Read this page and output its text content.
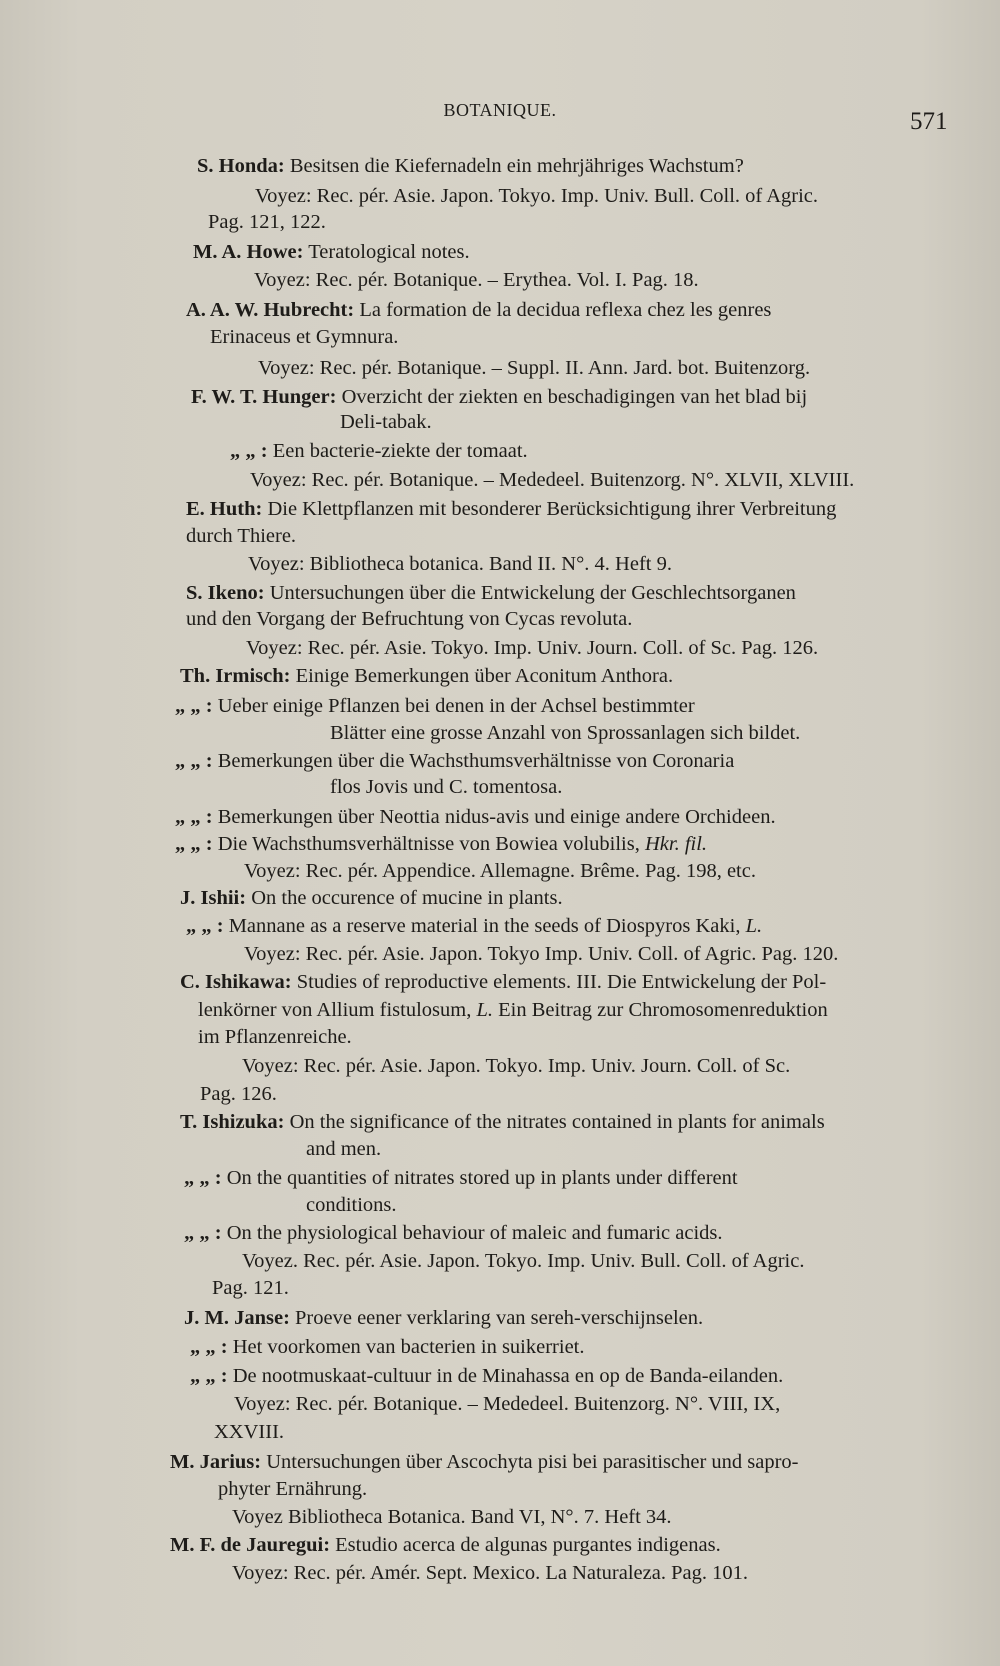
BOTANIQUE.	571
S. Honda: Besitsen die Kiefernadeln ein mehrjähriges Wachstum?
Voyez: Rec. pér. Asie. Japon. Tokyo. Imp. Univ. Bull. Coll. of Agric.
Pag. 121, 122.
M. A. Howe: Teratological notes.
Voyez: Rec. pér. Botanique. – Erythea. Vol. I. Pag. 18.
A. A. W. Hubrecht: La formation de la decidua reflexa chez les genres
Erinaceus et Gymnura.
Voyez: Rec. pér. Botanique. – Suppl. II. Ann. Jard. bot. Buitenzorg.
F. W. T. Hunger: Overzicht der ziekten en beschadigingen van het blad bij
Deli-tabak.
„ „ : Een bacterie-ziekte der tomaat.
Voyez: Rec. pér. Botanique. – Mededeel. Buitenzorg. N°. XLVII, XLVIII.
E. Huth: Die Klettpflanzen mit besonderer Berücksichtigung ihrer Verbreitung
durch Thiere.
Voyez: Bibliotheca botanica. Band II. N°. 4. Heft 9.
S. Ikeno: Untersuchungen über die Entwickelung der Geschlechtsorganen
und den Vorgang der Befruchtung von Cycas revoluta.
Voyez: Rec. pér. Asie. Tokyo. Imp. Univ. Journ. Coll. of Sc. Pag. 126.
Th. Irmisch: Einige Bemerkungen über Aconitum Anthora.
„ „ : Ueber einige Pflanzen bei denen in der Achsel bestimmter
Blätter eine grosse Anzahl von Sprossanlagen sich bildet.
„ „ : Bemerkungen über die Wachsthumsverhältnisse von Coronaria
flos Jovis und C. tomentosa.
„ „ : Bemerkungen über Neottia nidus-avis und einige andere Orchideen.
„ „ : Die Wachsthumsverhältnisse von Bowiea volubilis, Hkr. fil.
Voyez: Rec. pér. Appendice. Allemagne. Brême. Pag. 198, etc.
J. Ishii: On the occurence of mucine in plants.
„ „ : Mannane as a reserve material in the seeds of Diospyros Kaki, L.
Voyez: Rec. pér. Asie. Japon. Tokyo Imp. Univ. Coll. of Agric. Pag. 120.
C. Ishikawa: Studies of reproductive elements. III. Die Entwickelung der Pol-
lenkörner von Allium fistulosum, L. Ein Beitrag zur Chromosomenreduktion
im Pflanzenreiche.
Voyez: Rec. pér. Asie. Japon. Tokyo. Imp. Univ. Journ. Coll. of Sc.
Pag. 126.
T. Ishizuka: On the significance of the nitrates contained in plants for animals
and men.
„ „ : On the quantities of nitrates stored up in plants under different
conditions.
„ „ : On the physiological behaviour of maleic and fumaric acids.
Voyez. Rec. pér. Asie. Japon. Tokyo. Imp. Univ. Bull. Coll. of Agric.
Pag. 121.
J. M. Janse: Proeve eener verklaring van sereh-verschijnselen.
„ „ : Het voorkomen van bacterien in suikerriet.
„ „ : De nootmuskaat-cultuur in de Minahassa en op de Banda-eilanden.
Voyez: Rec. pér. Botanique. – Mededeel. Buitenzorg. N°. VIII, IX,
XXVIII.
M. Jarius: Untersuchungen über Ascochyta pisi bei parasitischer und sapro-
phyter Ernährung.
Voyez Bibliotheca Botanica. Band VI, N°. 7. Heft 34.
M. F. de Jauregui: Estudio acerca de algunas purgantes indigenas.
Voyez: Rec. pér. Amér. Sept. Mexico. La Naturaleza. Pag. 101.
